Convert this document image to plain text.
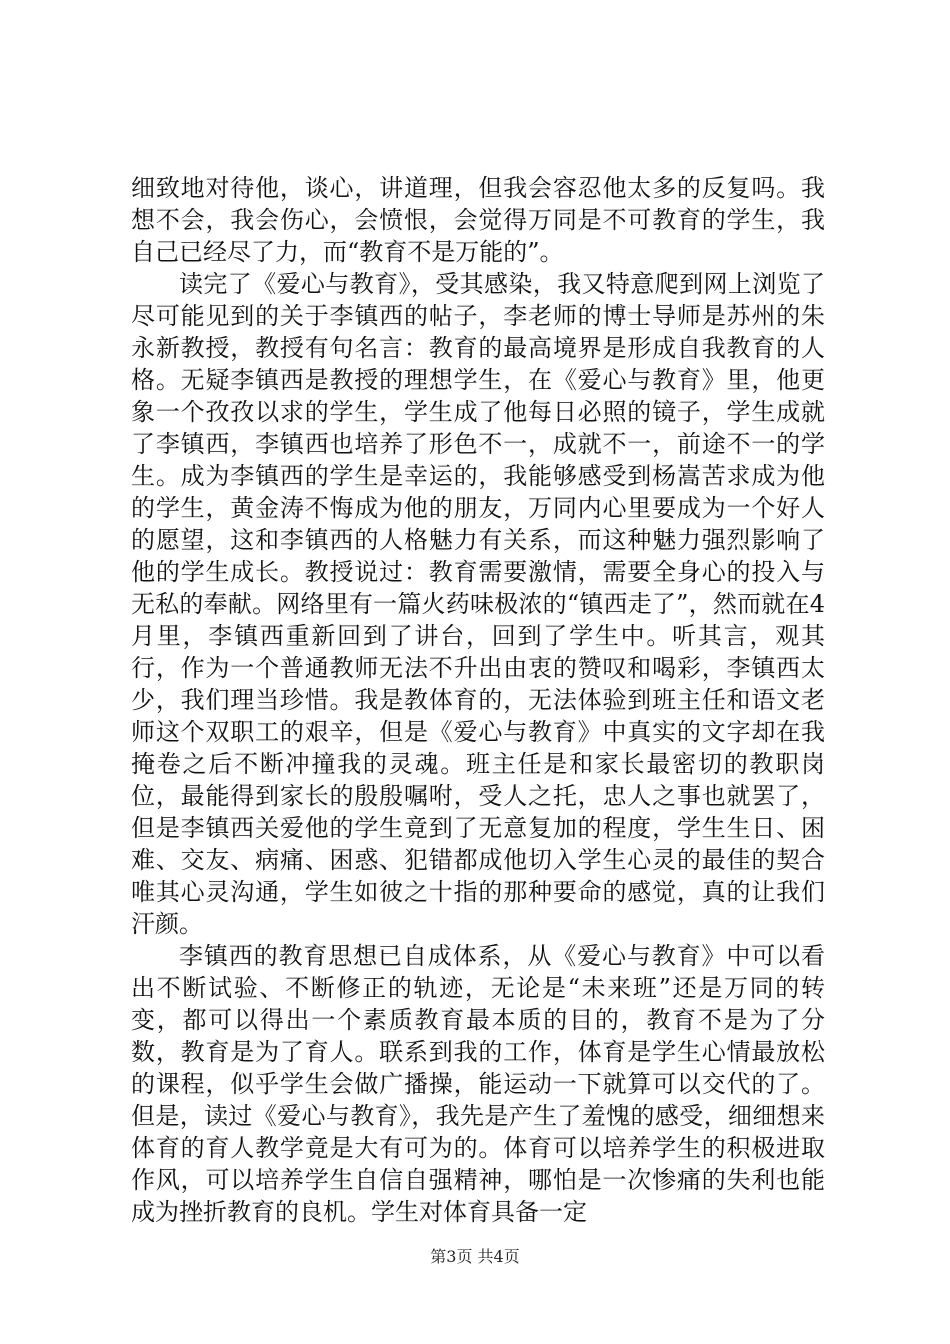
细致地对待他，谈心，讲道理，但我会容忍他太多的反复吗。我想不会，我会伤心，会愤恨，会觉得万同是不可教育的学生，我自己已经尽了力，而“教育不是万能的”。

读完了《爱心与教育》，受其感染，我又特意爬到网上浏览了尽可能见到的关于李镇西的帖子，李老师的博士导师是苏州的朱永新教授，教授有句名言：教育的最高境界是形成自我教育的人格。无疑李镇西是教授的理想学生，在《爱心与教育》里，他更象一个孜孜以求的学生，学生成了他每日必照的镜子，学生成就了李镇西，李镇西也培养了形色不一，成就不一，前途不一的学生。成为李镇西的学生是幸运的，我能够感受到杨嵩苦求成为他的学生，黄金涛不悔成为他的朋友，万同内心里要成为一个好人的愿望，这和李镇西的人格魅力有关系，而这种魅力强烈影响了他的学生成长。教授说过：教育需要激情，需要全身心的投入与无私的奉献。网络里有一篇火药味极浓的“镇西走了”，然而就在4月里，李镇西重新回到了讲台，回到了学生中。听其言，观其行，作为一个普通教师无法不升出由衷的赞叹和喝彩，李镇西太少，我们理当珍惜。我是教体育的，无法体验到班主任和语文老师这个双职工的艰辛，但是《爱心与教育》中真实的文字却在我掩卷之后不断冲撞我的灵魂。班主任是和家长最密切的教职岗位，最能得到家长的殷殷嘱咐，受人之托，忠人之事也就罢了，但是李镇西关爱他的学生竟到了无意复加的程度，学生生日、困难、交友、病痛、困惑、犯错都成他切入学生心灵的最佳的契合唯其心灵沟通，学生如彼之十指的那种要命的感觉，真的让我们汗颜。

李镇西的教育思想已自成体系，从《爱心与教育》中可以看出不断试验、不断修正的轨迹，无论是“未来班”还是万同的转变，都可以得出一个素质教育最本质的目的，教育不是为了分数，教育是为了育人。联系到我的工作，体育是学生心情最放松的课程，似乎学生会做广播操，能运动一下就算可以交代的了。但是，读过《爱心与教育》，我先是产生了羞愧的感受，细细想来体育的育人教学竟是大有可为的。体育可以培养学生的积极进取作风，可以培养学生自信自强精神，哪怕是一次惨痛的失利也能成为挫折教育的良机。学生对体育具备一定

第3页 共4页
